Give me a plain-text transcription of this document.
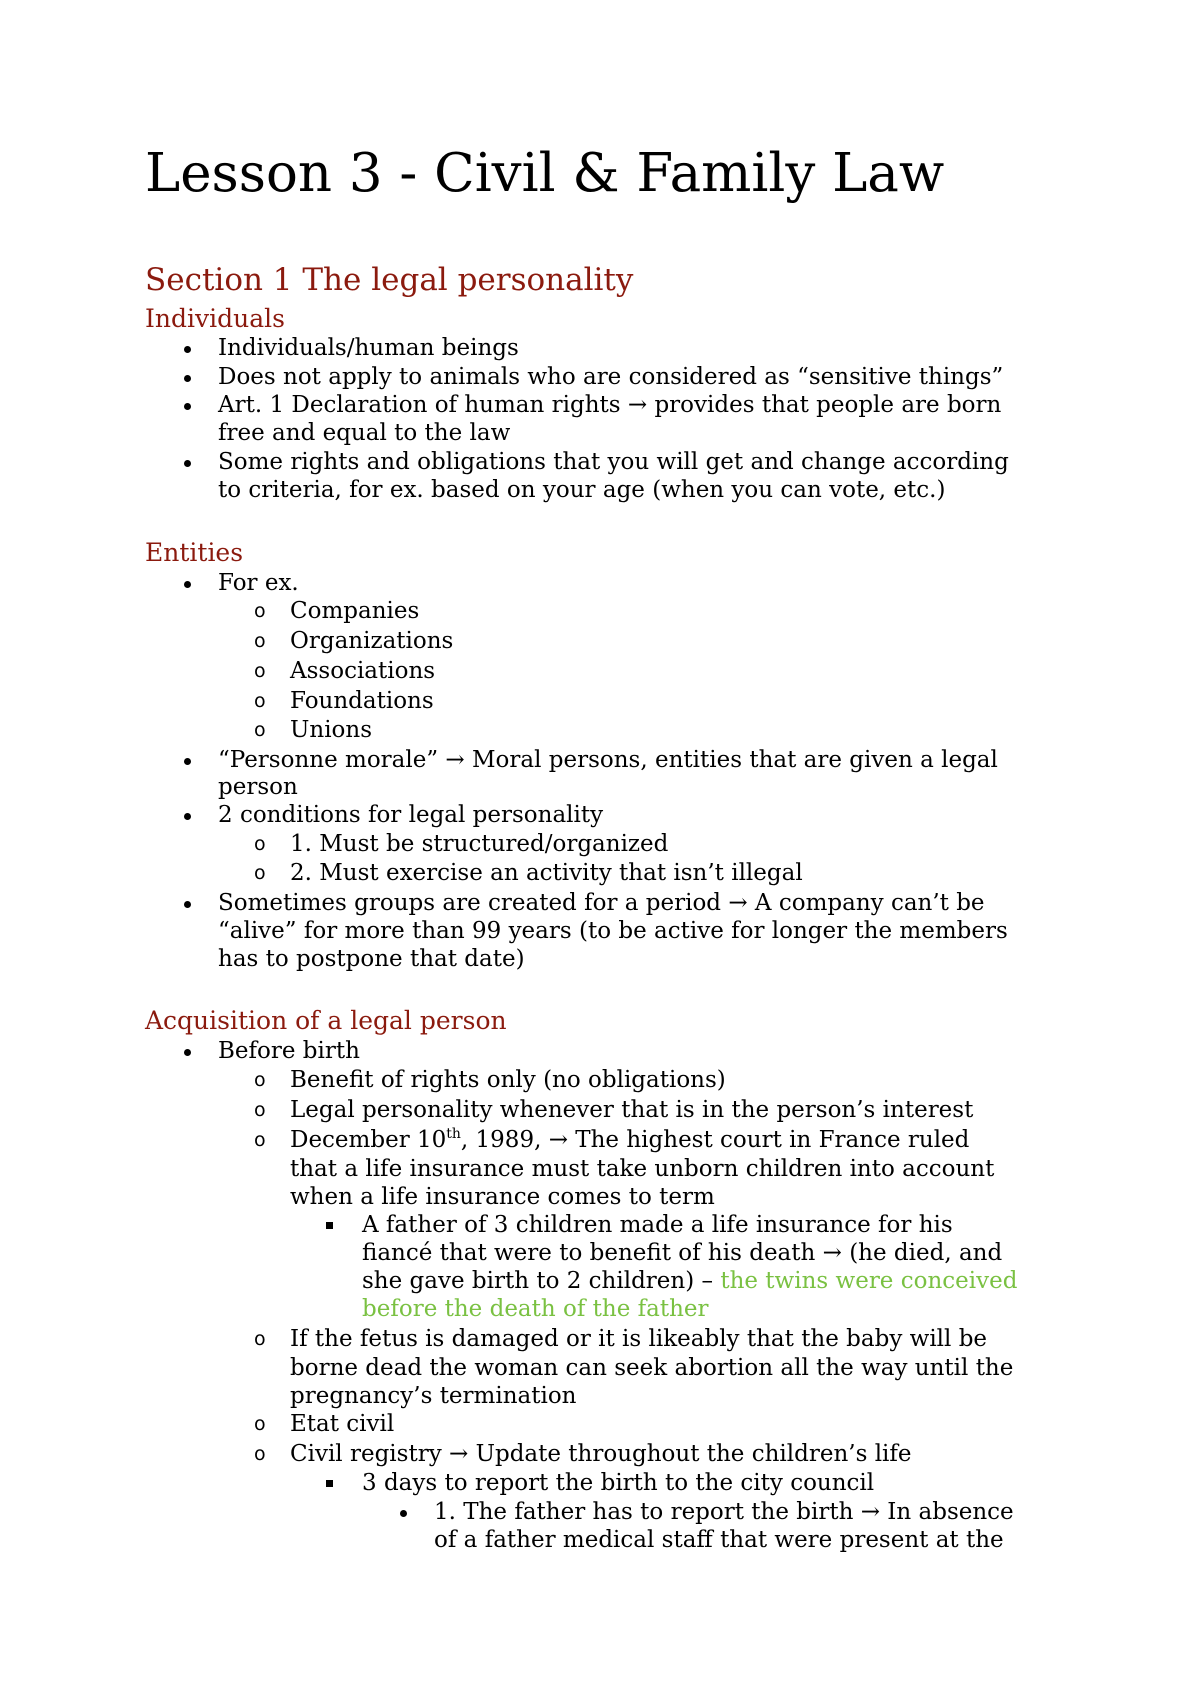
Lesson 3 - Civil & Family Law

Section 1 The legal personality

Individuals

Individuals/human beings

Does not apply to animals who are considered as “sensitive things”

Art. 1 Declaration of human rights → provides that people are born

free and equal to the law

Some rights and obligations that you will get and change according

to criteria, for ex. based on your age (when you can vote, etc.)

Entities

For ex.

o Companies

o Organizations

o Associations

o Foundations

o Unions

“Personne morale” → Moral persons, entities that are given a legal

person

2 conditions for legal personality

o 1. Must be structured/organized

o 2. Must exercise an activity that isn’t illegal

Sometimes groups are created for a period → A company can’t be

“alive” for more than 99 years (to be active for longer the members

has to postpone that date)

Acquisition of a legal person

Before birth

o Benefit of rights only (no obligations)

o Legal personality whenever that is in the person’s interest

o December 10th, 1989, → The highest court in France ruled

that a life insurance must take unborn children into account

when a life insurance comes to term

A father of 3 children made a life insurance for his

fiancé that were to benefit of his death → (he died, and

she gave birth to 2 children) – the twins were conceived

before the death of the father

o If the fetus is damaged or it is likeably that the baby will be

borne dead the woman can seek abortion all the way until the

pregnancy’s termination

o Etat civil

o Civil registry → Update throughout the children’s life

3 days to report the birth to the city council

1. The father has to report the birth → In absence

of a father medical staff that were present at the
